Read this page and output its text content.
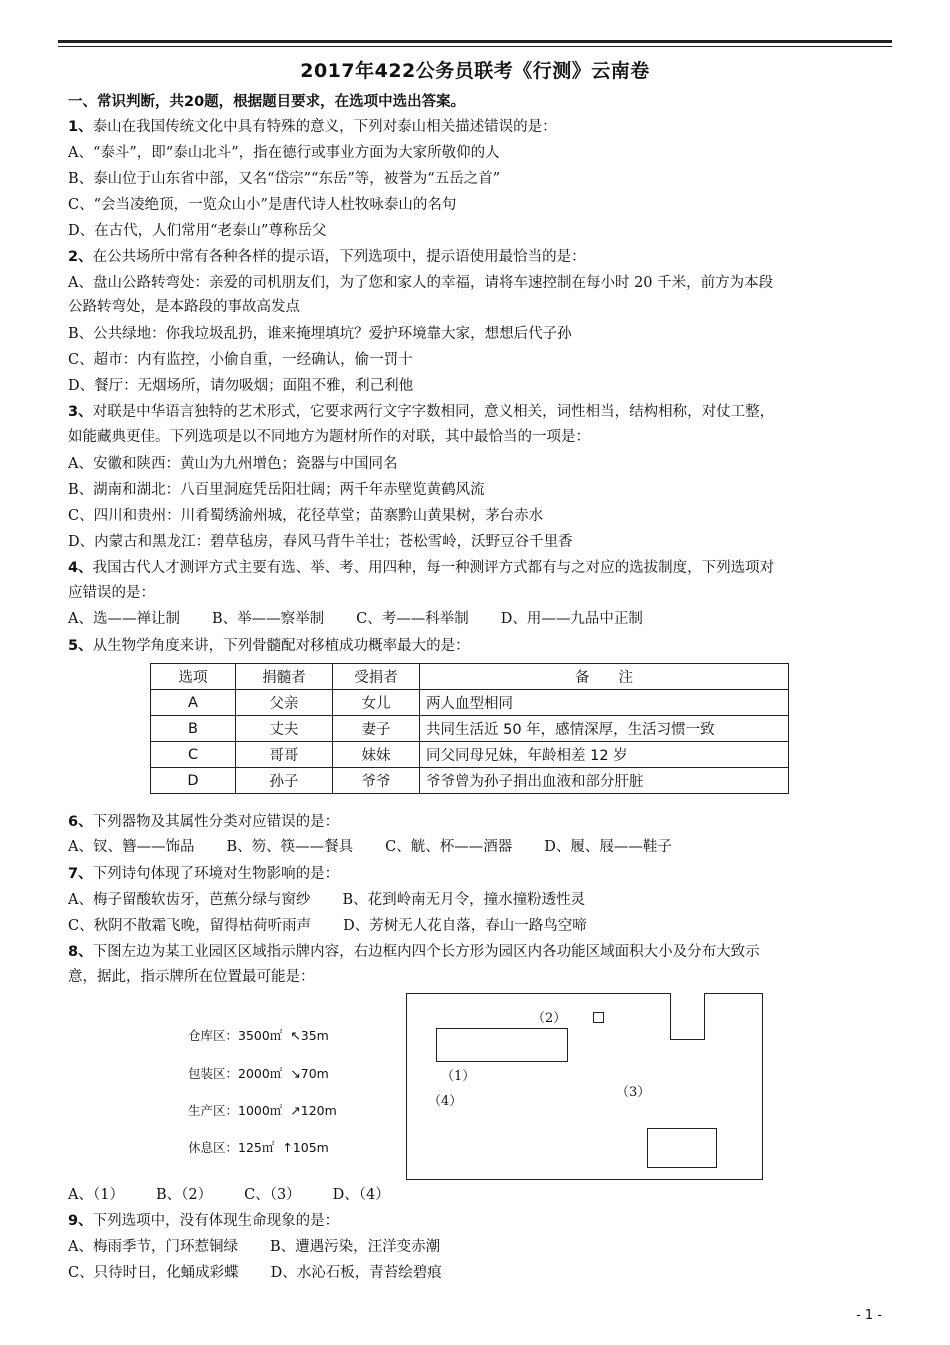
2017年422公务员联考《行测》云南卷
一、常识判断，共20题，根据题目要求，在选项中选出答案。
1、泰山在我国传统文化中具有特殊的意义，下列对泰山相关描述错误的是：
A、“泰斗”，即“泰山北斗”，指在德行或事业方面为大家所敬仰的人
B、泰山位于山东省中部，又名“岱宗”“东岳”等，被誉为“五岳之首”
C、“会当凌绝顶，一览众山小”是唐代诗人杜牧咏泰山的名句
D、在古代，人们常用“老泰山”尊称岳父
2、在公共场所中常有各种各样的提示语，下列选项中，提示语使用最恰当的是：
A、盘山公路转弯处：亲爱的司机朋友们，为了您和家人的幸福，请将车速控制在每小时 20 千米，前方为本段
公路转弯处，是本路段的事故高发点
B、公共绿地：你我垃圾乱扔，谁来掩埋填坑？爱护环境靠大家，想想后代子孙
C、超市：内有监控，小偷自重，一经确认，偷一罚十
D、餐厅：无烟场所，请勿吸烟；面阻不雅，利己利他
3、对联是中华语言独特的艺术形式，它要求两行文字字数相同，意义相关，词性相当，结构相称，对仗工整，
如能藏典更佳。下列选项是以不同地方为题材所作的对联，其中最恰当的一项是：
A、安徽和陕西：黄山为九州增色；瓷器与中国同名
B、湖南和湖北：八百里洞庭凭岳阳壮阔；两千年赤壁览黄鹤风流
C、四川和贵州：川肴蜀绣渝州城，花径草堂；苗寨黔山黄果树，茅台赤水
D、内蒙古和黑龙江：碧草毡房，春风马背牛羊壮；苍松雪岭，沃野豆谷千里香
4、我国古代人才测评方式主要有选、举、考、用四种，每一种测评方式都有与之对应的选拔制度，下列选项对
应错误的是：
A、选——禅让制 B、举——察举制 C、考——科举制 D、用——九品中正制
5、从生物学角度来讲，下列骨髓配对移植成功概率最大的是：
选项	捐髓者	受捐者	备　　注
A	父亲	女儿	两人血型相同
B	丈夫	妻子	共同生活近 50 年，感情深厚，生活习惯一致
C	哥哥	妹妹	同父同母兄妹，年龄相差 12 岁
D	孙子	爷爷	爷爷曾为孙子捐出血液和部分肝脏
6、下列器物及其属性分类对应错误的是：
A、钗、簪——饰品 B、笏、筷——餐具 C、觥、杯——酒器 D、履、屐——鞋子
7、下列诗句体现了环境对生物影响的是：
A、梅子留酸软齿牙，芭蕉分绿与窗纱 B、花到岭南无月令，撞水撞粉透性灵
C、秋阴不散霜飞晚，留得枯荷听雨声 D、芳树无人花自落，春山一路鸟空啼
8、下图左边为某工业园区区域指示牌内容，右边框内四个长方形为园区内各功能区域面积大小及分布大致示
意，据此，指示牌所在位置最可能是：
仓库区：3500㎡ ↖35m
包装区：2000㎡ ↘70m
生产区：1000㎡ ↗120m
休息区：125㎡ ↑105m
（2）
（1）
（4）
（3）
A、（1） B、（2） C、（3） D、（4）
9、下列选项中，没有体现生命现象的是：
A、梅雨季节，门环惹铜绿 B、遭遇污染，汪洋变赤潮
C、只待时日，化蛹成彩蝶 D、水沁石板，青苔绘碧痕
- 1 -
